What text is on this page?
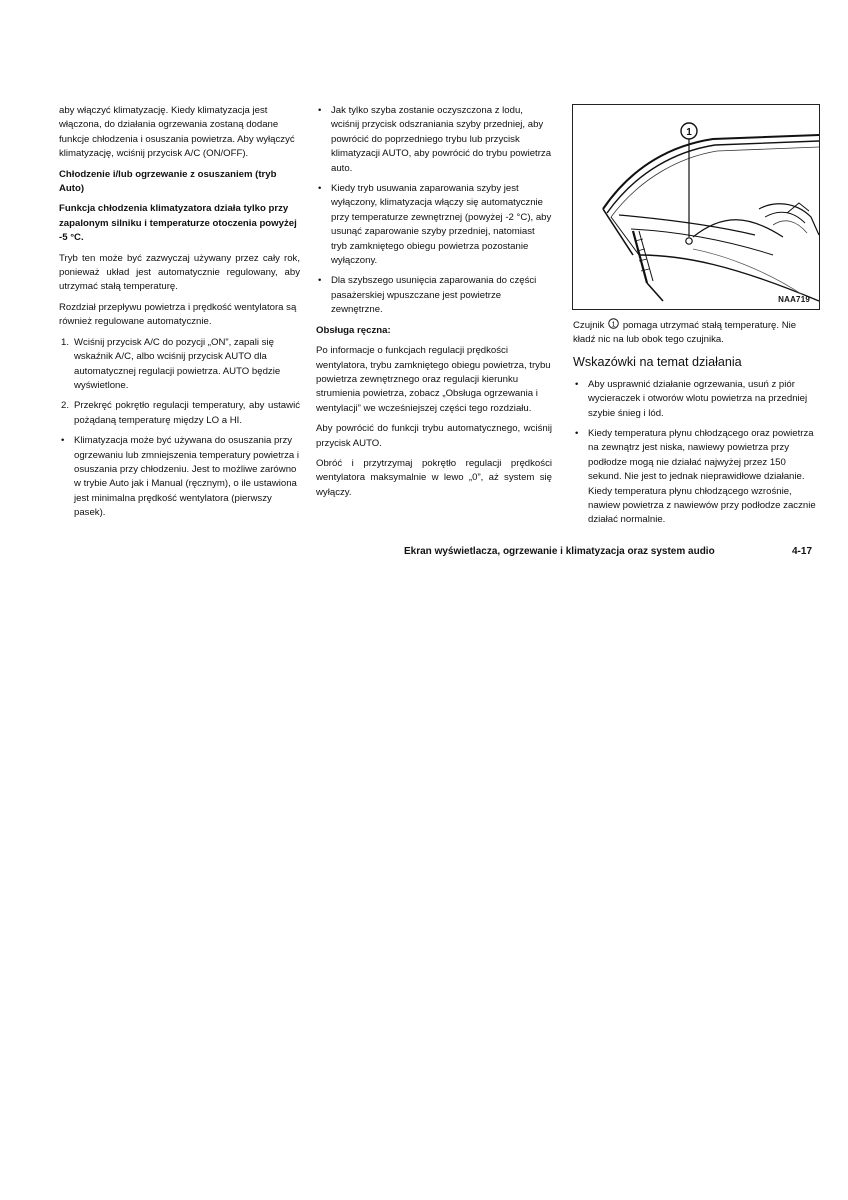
aby włączyć klimatyzację. Kiedy klimatyzacja jest włączona, do działania ogrzewania zostaną dodane funkcje chłodzenia i osuszania powietrza. Aby wyłączyć klimatyzację, wciśnij przycisk A/C (ON/OFF).

Chłodzenie i/lub ogrzewanie z osuszaniem (tryb Auto)

Funkcja chłodzenia klimatyzatora działa tylko przy zapalonym silniku i temperaturze otoczenia powyżej -5 °C.

Tryb ten może być zazwyczaj używany przez cały rok, ponieważ układ jest automatycznie regulowany, aby utrzymać stałą temperaturę.

Rozdział przepływu powietrza i prędkość wentylatora są również regulowane automatycznie.

1. Wciśnij przycisk A/C do pozycji „ON”, zapali się wskaźnik A/C, albo wciśnij przycisk AUTO dla automatycznej regulacji powietrza. AUTO będzie wyświetlone.
2. Przekręć pokrętło regulacji temperatury, aby ustawić pożądaną temperaturę między LO a HI.
• Klimatyzacja może być używana do osuszania przy ogrzewaniu lub zmniejszenia temperatury powietrza i osuszania przy chłodzeniu. Jest to możliwe zarówno w trybie Auto jak i Manual (ręcznym), o ile ustawiona jest minimalna prędkość wentylatora (pierwszy pasek).
• Jak tylko szyba zostanie oczyszczona z lodu, wciśnij przycisk odszraniania szyby przedniej, aby powrócić do poprzedniego trybu lub przycisk klimatyzacji AUTO, aby powrócić do trybu powietrza auto.
• Kiedy tryb usuwania zaparowania szyby jest wyłączony, klimatyzacja włączy się automatycznie przy temperaturze zewnętrznej (powyżej -2 °C), aby usunąć zaparowanie szyby przedniej, natomiast tryb zamkniętego obiegu powietrza pozostanie wyłączony.
• Dla szybszego usunięcia zaparowania do części pasażerskiej wpuszczane jest powietrze zewnętrzne.

Obsługa ręczna:

Po informacje o funkcjach regulacji prędkości wentylatora, trybu zamkniętego obiegu powietrza, trybu powietrza zewnętrznego oraz regulacji kierunku strumienia powietrza, zobacz „Obsługa ogrzewania i wentylacji” we wcześniejszej części tego rozdziału.

Aby powrócić do funkcji trybu automatycznego, wciśnij przycisk AUTO.

Obróć i przytrzymaj pokrętło regulacji prędkości wentylatora maksymalnie w lewo „0”, aż system się wyłączy.

1
NAA719

Czujnik 1 pomaga utrzymać stałą temperaturę. Nie kładź nic na lub obok tego czujnika.

Wskazówki na temat działania
• Aby usprawnić działanie ogrzewania, usuń z piór wycieraczek i otworów wlotu powietrza na przedniej szybie śnieg i lód.
• Kiedy temperatura płynu chłodzącego oraz powietrza na zewnątrz jest niska, nawiewy powietrza przy podłodze mogą nie działać najwyżej przez 150 sekund. Nie jest to jednak nieprawidłowe działanie. Kiedy temperatura płynu chłodzącego wzrośnie, nawiew powietrza z nawiewów przy podłodze zacznie działać normalnie.
Ekran wyświetlacza, ogrzewanie i klimatyzacja oraz system audio	4-17
